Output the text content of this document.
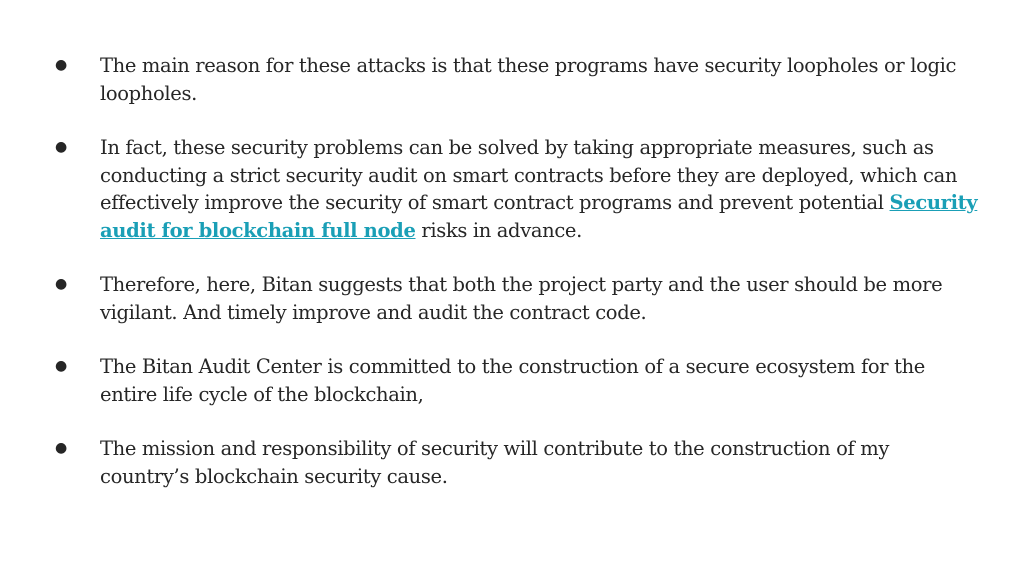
● The main reason for these attacks is that these programs have security loopholes or logic loopholes.
● In fact, these security problems can be solved by taking appropriate measures, such as conducting a strict security audit on smart contracts before they are deployed, which can effectively improve the security of smart contract programs and prevent potential Security audit for blockchain full node risks in advance.
● Therefore, here, Bitan suggests that both the project party and the user should be more vigilant. And timely improve and audit the contract code.
● The Bitan Audit Center is committed to the construction of a secure ecosystem for the entire life cycle of the blockchain,
● The mission and responsibility of security will contribute to the construction of my country’s blockchain security cause.
